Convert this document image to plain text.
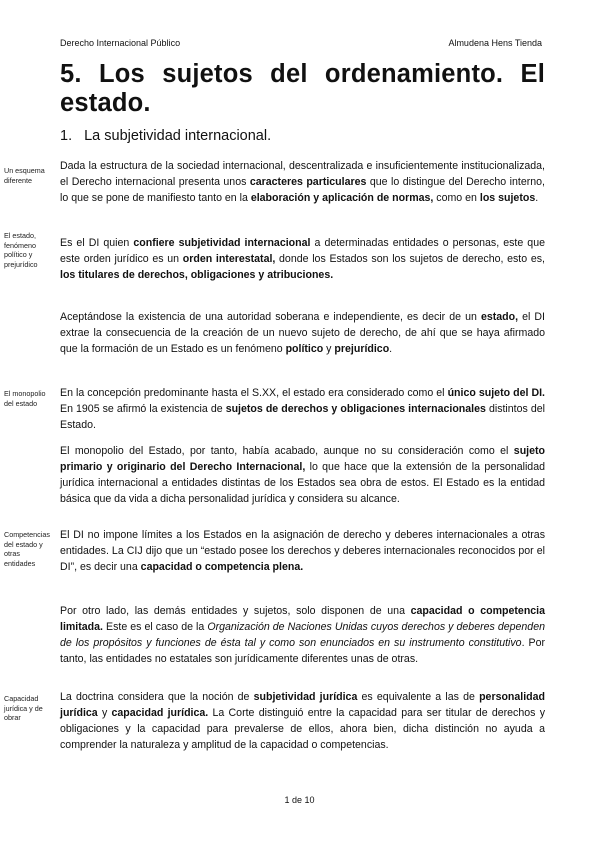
Derecho Internacional Público	Almudena Hens Tienda
5. Los sujetos del ordenamiento. El estado.
1. La subjetividad internacional.
Un esquema diferente
El estado, fenómeno político y prejurídico
El monopolio del estado
Competencias del estado y otras entidades
Capacidad jurídica y de obrar

Dada la estructura de la sociedad internacional, descentralizada e insuficientemente institucionalizada, el Derecho internacional presenta unos caracteres particulares que lo distingue del Derecho interno, lo que se pone de manifiesto tanto en la elaboración y aplicación de normas, como en los sujetos.

Es el DI quien confiere subjetividad internacional a determinadas entidades o personas, este que este orden jurídico es un orden interestatal, donde los Estados son los sujetos de derecho, esto es, los titulares de derechos, obligaciones y atribuciones.

Aceptándose la existencia de una autoridad soberana e independiente, es decir de un estado, el DI extrae la consecuencia de la creación de un nuevo sujeto de derecho, de ahí que se haya afirmado que la formación de un Estado es un fenómeno político y prejurídico.

En la concepción predominante hasta el S.XX, el estado era considerado como el único sujeto del DI. En 1905 se afirmó la existencia de sujetos de derechos y obligaciones internacionales distintos del Estado.

El monopolio del Estado, por tanto, había acabado, aunque no su consideración como el sujeto primario y originario del Derecho Internacional, lo que hace que la extensión de la personalidad jurídica internacional a entidades distintas de los Estados sea obra de estos. El Estado es la entidad básica que da vida a dicha personalidad jurídica y considera su alcance.

El DI no impone límites a los Estados en la asignación de derecho y deberes internacionales a otras entidades. La CIJ dijo que un “estado posee los derechos y deberes internacionales reconocidos por el DI”, es decir una capacidad o competencia plena.

Por otro lado, las demás entidades y sujetos, solo disponen de una capacidad o competencia limitada. Este es el caso de la Organización de Naciones Unidas cuyos derechos y deberes dependen de los propósitos y funciones de ésta tal y como son enunciados en su instrumento constitutivo. Por tanto, las entidades no estatales son jurídicamente diferentes unas de otras.

La doctrina considera que la noción de subjetividad jurídica es equivalente a las de personalidad jurídica y capacidad jurídica. La Corte distinguió entre la capacidad para ser titular de derechos y obligaciones y la capacidad para prevalerse de ellos, ahora bien, dicha distinción no ayuda a comprender la naturaleza y amplitud de la capacidad o competencias.

1 de 10
